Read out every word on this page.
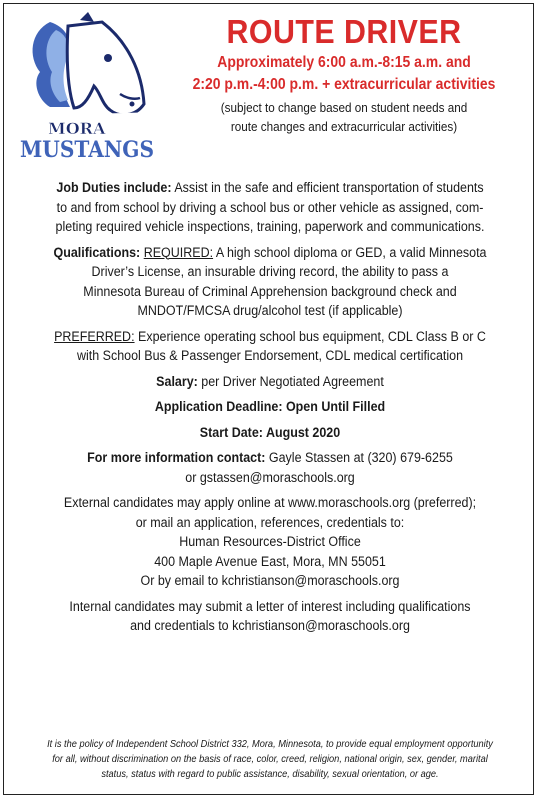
MORA
MUSTANGS
ROUTE DRIVER
Approximately 6:00 a.m.-8:15 a.m. and
2:20 p.m.-4:00 p.m. + extracurricular activities
(subject to change based on student needs and
route changes and extracurricular activities)
Job Duties include: Assist in the safe and efficient transportation of students
to and from school by driving a school bus or other vehicle as assigned, com-
pleting required vehicle inspections, training, paperwork and communications.
Qualifications: REQUIRED: A high school diploma or GED, a valid Minnesota
Driver’s License, an insurable driving record, the ability to pass a
Minnesota Bureau of Criminal Apprehension background check and
MNDOT/FMCSA drug/alcohol test (if applicable)
PREFERRED: Experience operating school bus equipment, CDL Class B or C
with School Bus & Passenger Endorsement, CDL medical certification
Salary: per Driver Negotiated Agreement
Application Deadline: Open Until Filled
Start Date: August 2020
For more information contact: Gayle Stassen at (320) 679-6255
or gstassen@moraschools.org
External candidates may apply online at www.moraschools.org (preferred);
or mail an application, references, credentials to:
Human Resources-District Office
400 Maple Avenue East, Mora, MN 55051
Or by email to kchristianson@moraschools.org
Internal candidates may submit a letter of interest including qualifications
and credentials to kchristianson@moraschools.org
It is the policy of Independent School District 332, Mora, Minnesota, to provide equal employment opportunity
for all, without discrimination on the basis of race, color, creed, religion, national origin, sex, gender, marital
status, status with regard to public assistance, disability, sexual orientation, or age.
